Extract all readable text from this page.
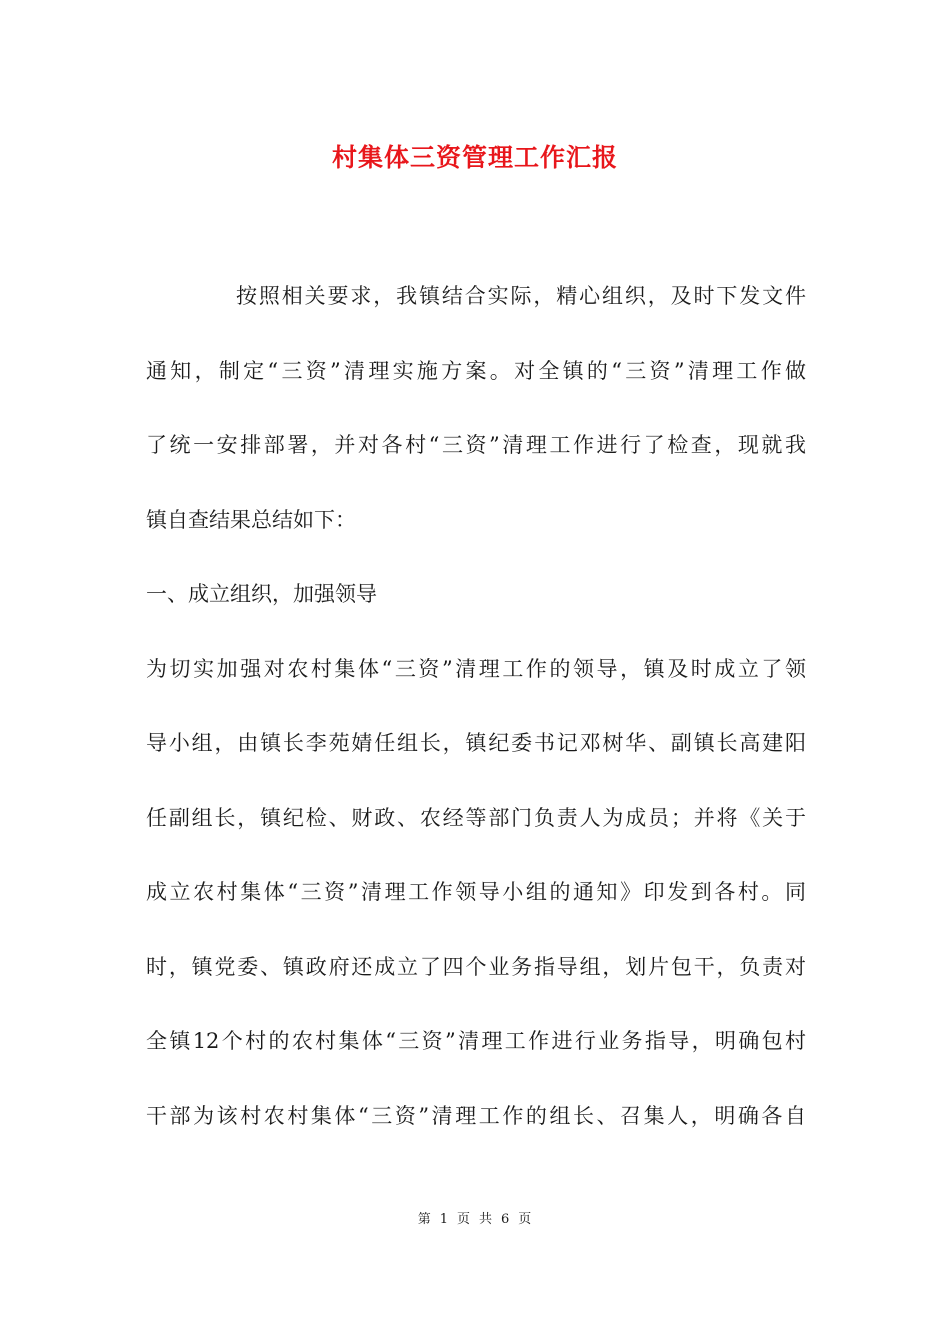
村集体三资管理工作汇报
按照相关要求，我镇结合实际，精心组织，及时下发文件
通知，制定“三资”清理实施方案。对全镇的“三资”清理工作做
了统一安排部署，并对各村“三资”清理工作进行了检查，现就我
镇自查结果总结如下：
一、成立组织，加强领导
为切实加强对农村集体“三资”清理工作的领导，镇及时成立了领
导小组，由镇长李苑婧任组长，镇纪委书记邓树华、副镇长高建阳
任副组长，镇纪检、财政、农经等部门负责人为成员；并将《关于
成立农村集体“三资”清理工作领导小组的通知》印发到各村。同
时，镇党委、镇政府还成立了四个业务指导组，划片包干，负责对
全镇12个村的农村集体“三资”清理工作进行业务指导，明确包村
干部为该村农村集体“三资”清理工作的组长、召集人，明确各自
第 1 页 共 6 页
